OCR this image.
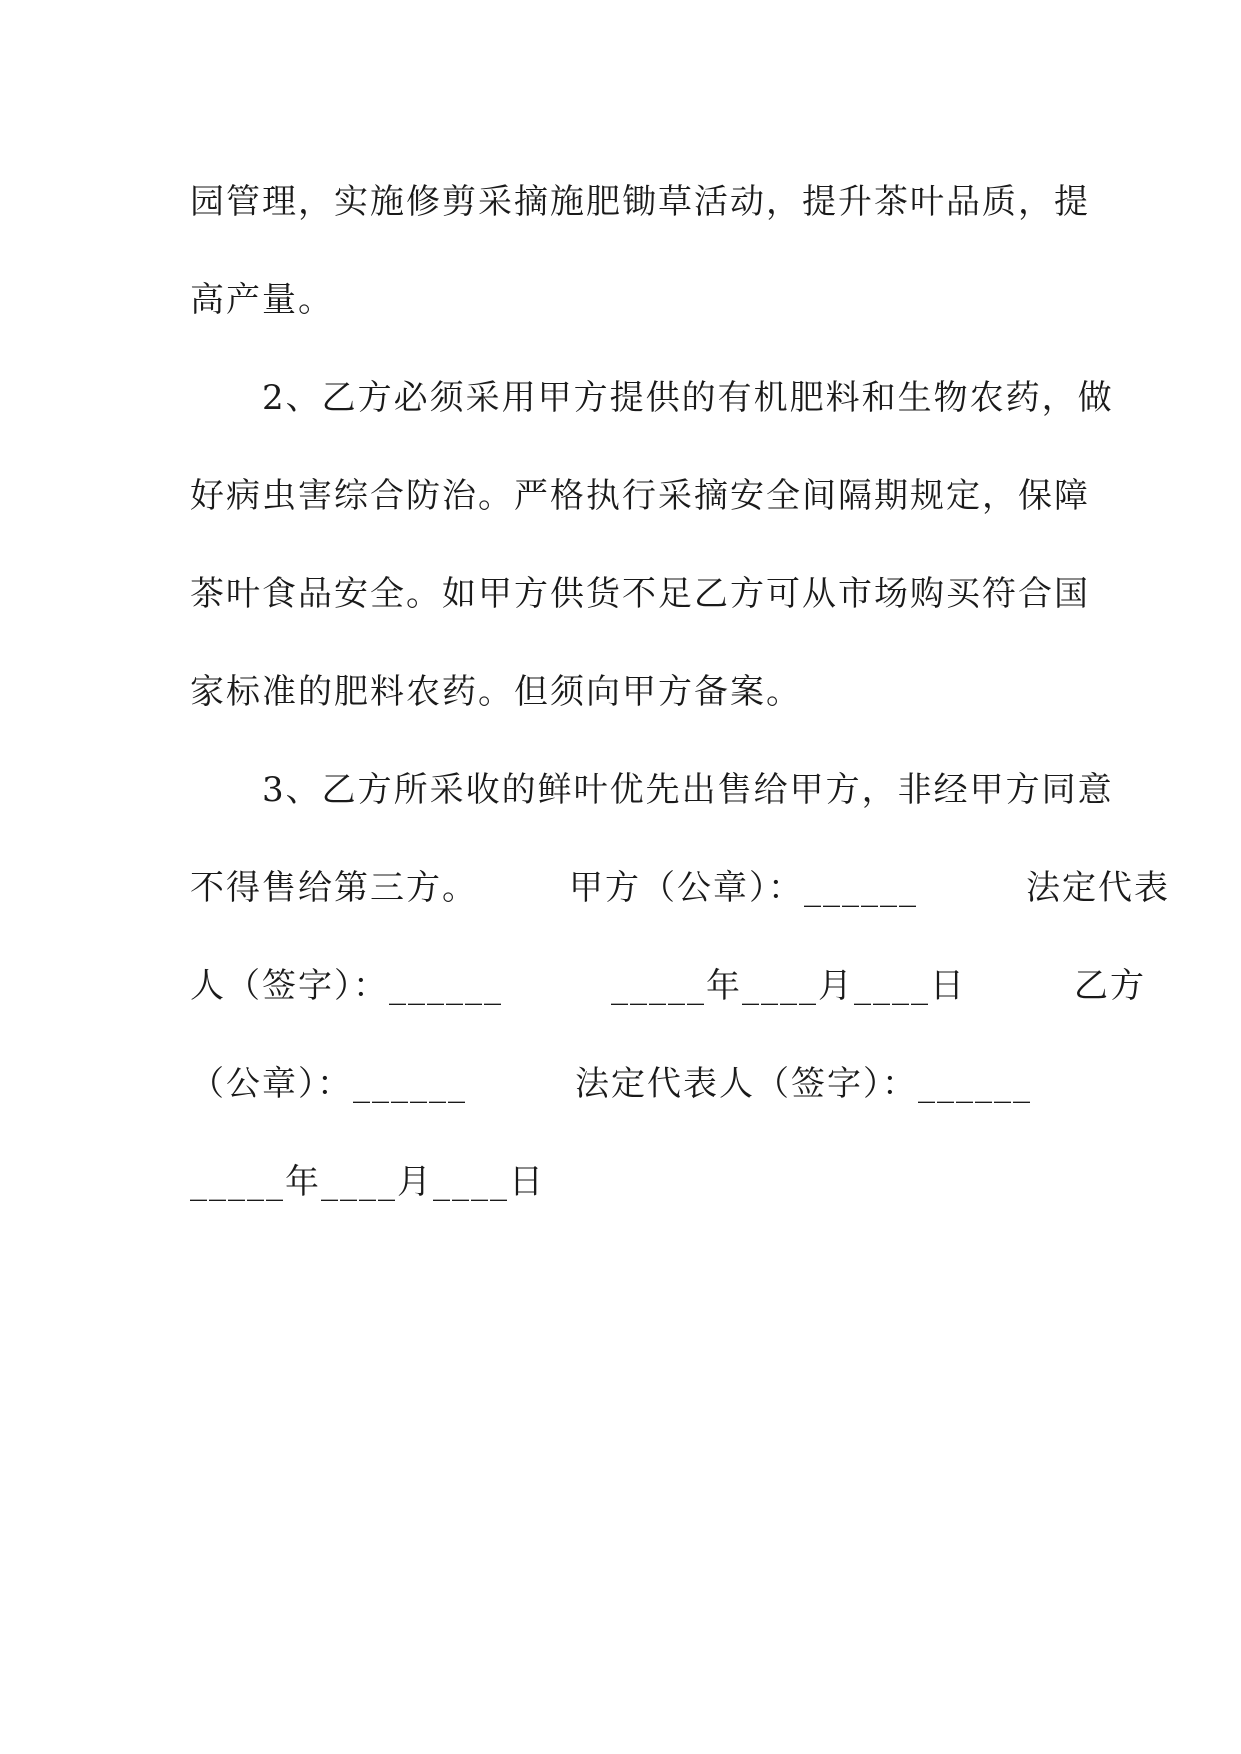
园管理，实施修剪采摘施肥锄草活动，提升茶叶品质，提
高产量。
　　2、乙方必须采用甲方提供的有机肥料和生物农药，做
好病虫害综合防治。严格执行采摘安全间隔期规定，保障
茶叶食品安全。如甲方供货不足乙方可从市场购买符合国
家标准的肥料农药。但须向甲方备案。
　　3、乙方所采收的鲜叶优先出售给甲方，非经甲方同意
不得售给第三方。　　　甲方（公章）：______　　　法定代表
人（签字）：______　　　_____年____月____日　　　乙方
（公章）：______　　　法定代表人（签字）：______
_____年____月____日
